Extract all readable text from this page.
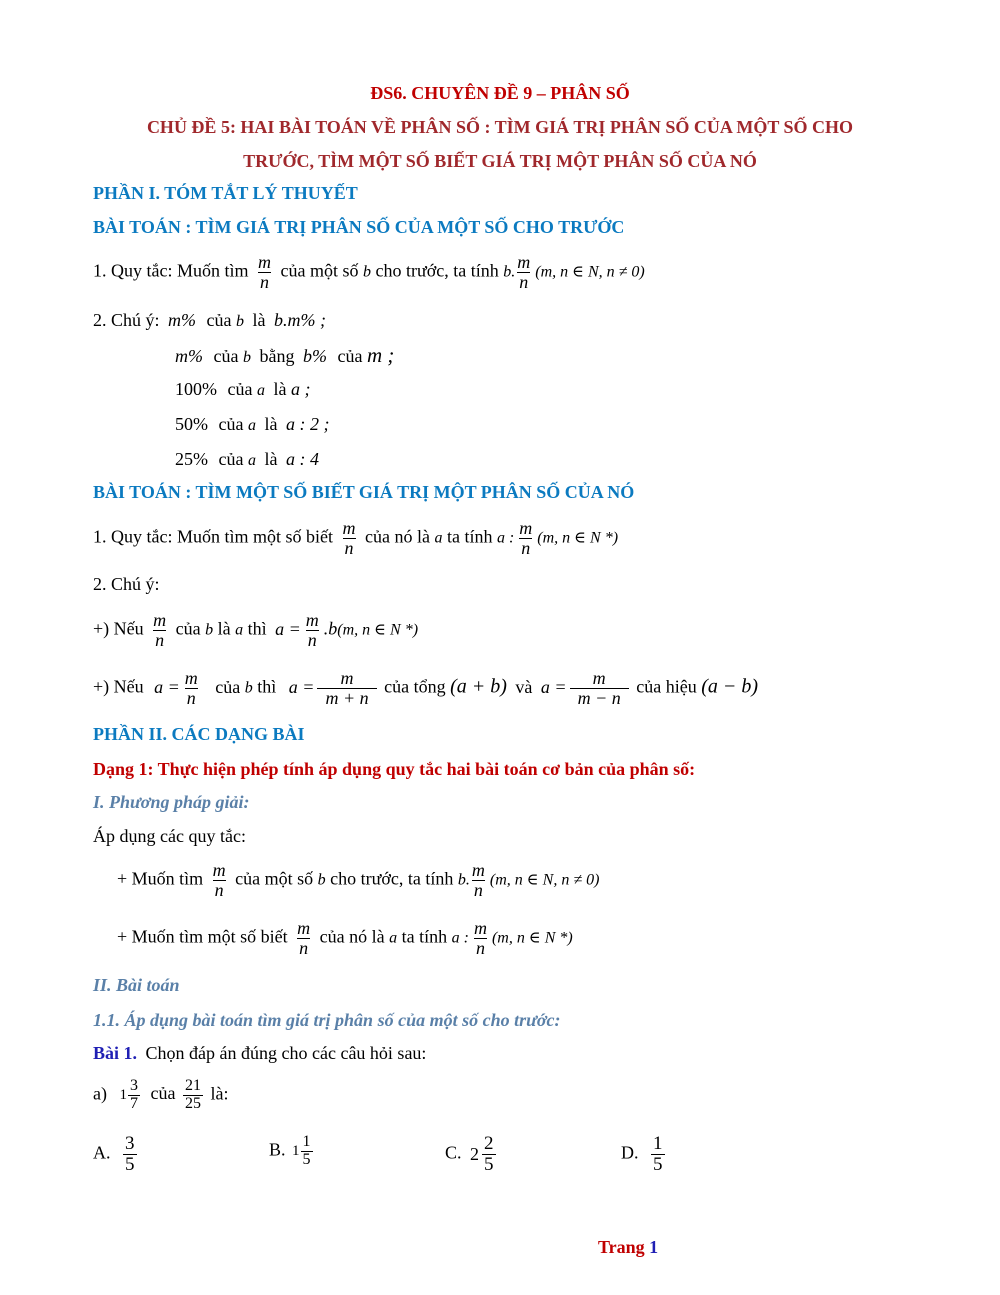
ĐS6. CHUYÊN ĐỀ 9 – PHÂN SỐ
CHỦ ĐỀ 5: HAI BÀI TOÁN VỀ PHÂN SỐ : TÌM GIÁ TRỊ PHÂN SỐ CỦA MỘT SỐ CHO
TRƯỚC, TÌM MỘT SỐ BIẾT GIÁ TRỊ MỘT PHÂN SỐ CỦA NÓ
PHẦN I. TÓM TẮT LÝ THUYẾT
BÀI TOÁN : TÌM GIÁ TRỊ PHÂN SỐ CỦA MỘT SỐ CHO TRƯỚC
1. Quy tắc: Muốn tìm $\frac{m}{n}$ của một số b cho trước, ta tính b. $\frac{m}{n} (m$, n ∈ N, n ≠ 0)
2. Chú ý: m% của b là b.m% ;
m% của b bằng b% của m ;
100% của a là a ;
50% của a là a : 2 ;
25% của a là a : 4
BÀI TOÁN : TÌM MỘT SỐ BIẾT GIÁ TRỊ MỘT PHÂN SỐ CỦA NÓ
1. Quy tắc: Muốn tìm một số biết $\frac{m}{n}$ của nó là a ta tính a : $\frac{m}{n} (m$, n ∈ N *)
2. Chú ý:
+) Nếu $\frac{m}{n}$ của b là a thì $a = \frac{m}{n} .b(m$, n ∈ N *)
+) Nếu $a = \frac{m}{n}$ của b thì $a = \frac{m}{m + n}$ của tổng (a + b) và $a = \frac{m}{m - n}$ của hiệu (a − b)
PHẦN II. CÁC DẠNG BÀI
Dạng 1: Thực hiện phép tính áp dụng quy tắc hai bài toán cơ bản của phân số:
I. Phương pháp giải:
Áp dụng các quy tắc:
+ Muốn tìm $\frac{m}{n}$ của một số b cho trước, ta tính b. $\frac{m}{n} (m$, n ∈ N, n ≠ 0)
+ Muốn tìm một số biết $\frac{m}{n}$ của nó là a ta tính a : $\frac{m}{n} (m$, n ∈ N *)
II. Bài toán
1.1. Áp dụng bài toán tìm giá trị phân số của một số cho trước:
Bài 1. Chọn đáp án đúng cho các câu hỏi sau:
a) $1 \frac{3}{7}$ của $\frac{21}{25}$ là:
A. $\frac{3}{5}$	B. $1 \frac{1}{5}$	C. $2 \frac{2}{5}$	D. $\frac{1}{5}$
Trang 1
